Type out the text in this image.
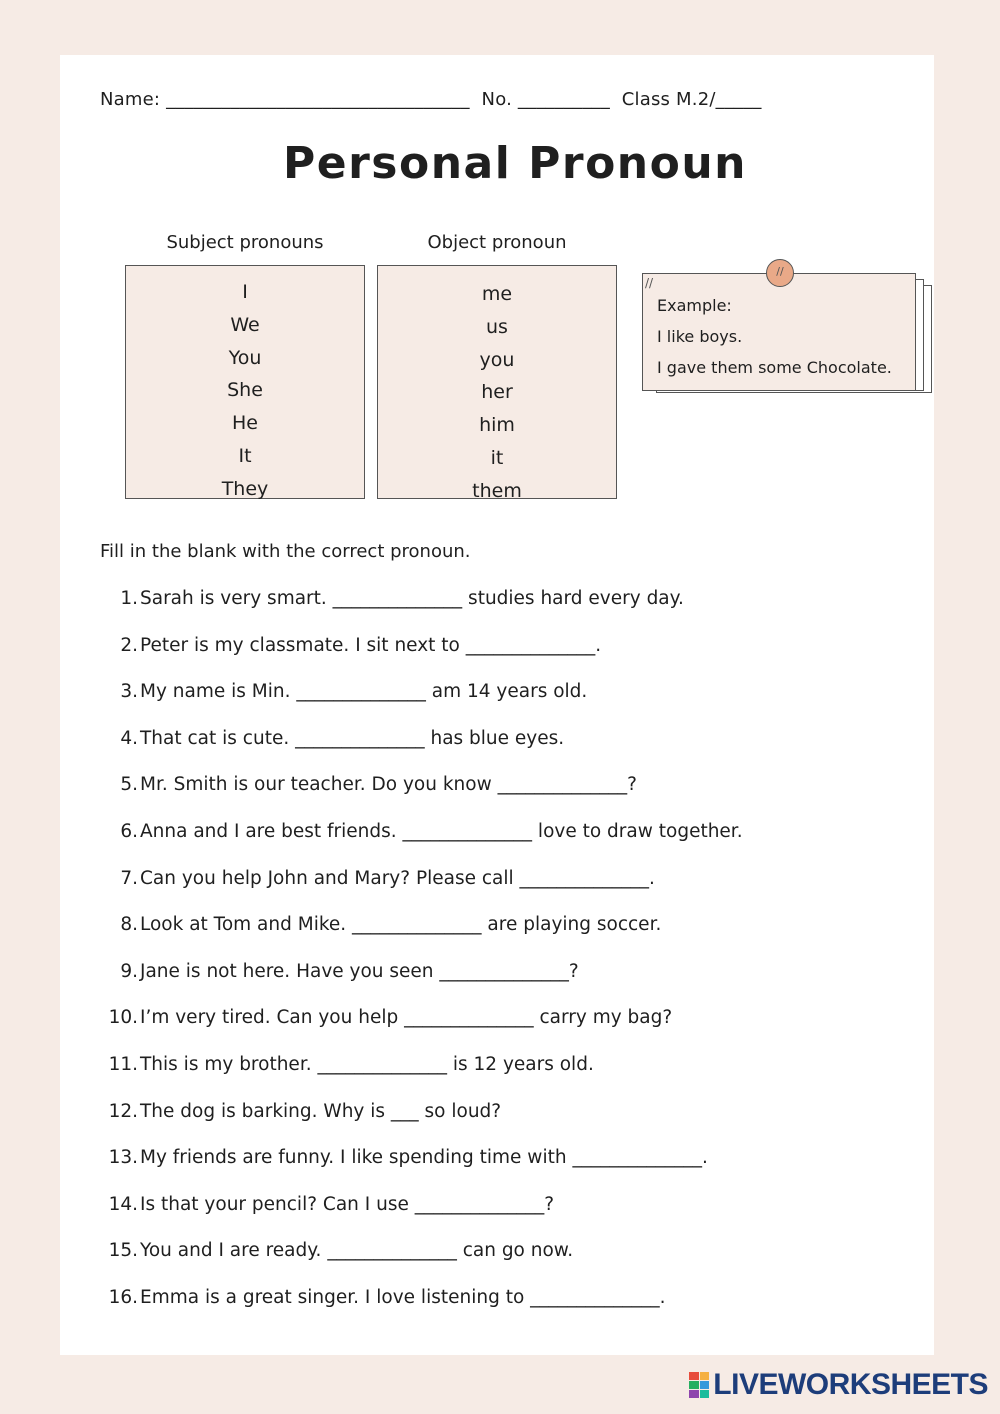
Name: _________________________________  No. __________  Class M.2/_____
Personal Pronoun
Subject pronouns	Object pronoun
I
We
You
She
He
It
They
me
us
you
her
him
it
them
//
Example:
I like boys.
I gave them some Chocolate.
//
Fill in the blank with the correct pronoun.
1. Sarah is very smart. ______________ studies hard every day.
2. Peter is my classmate. I sit next to ______________.
3. My name is Min. ______________ am 14 years old.
4. That cat is cute. ______________ has blue eyes.
5. Mr. Smith is our teacher. Do you know ______________?
6. Anna and I are best friends. ______________ love to draw together.
7. Can you help John and Mary? Please call ______________.
8. Look at Tom and Mike. ______________ are playing soccer.
9. Jane is not here. Have you seen ______________?
10. I’m very tired. Can you help ______________ carry my bag?
11. This is my brother. ______________ is 12 years old.
12. The dog is barking. Why is ___ so loud?
13. My friends are funny. I like spending time with ______________.
14. Is that your pencil? Can I use ______________?
15. You and I are ready. ______________ can go now.
16. Emma is a great singer. I love listening to ______________.
LIVEWORKSHEETS
